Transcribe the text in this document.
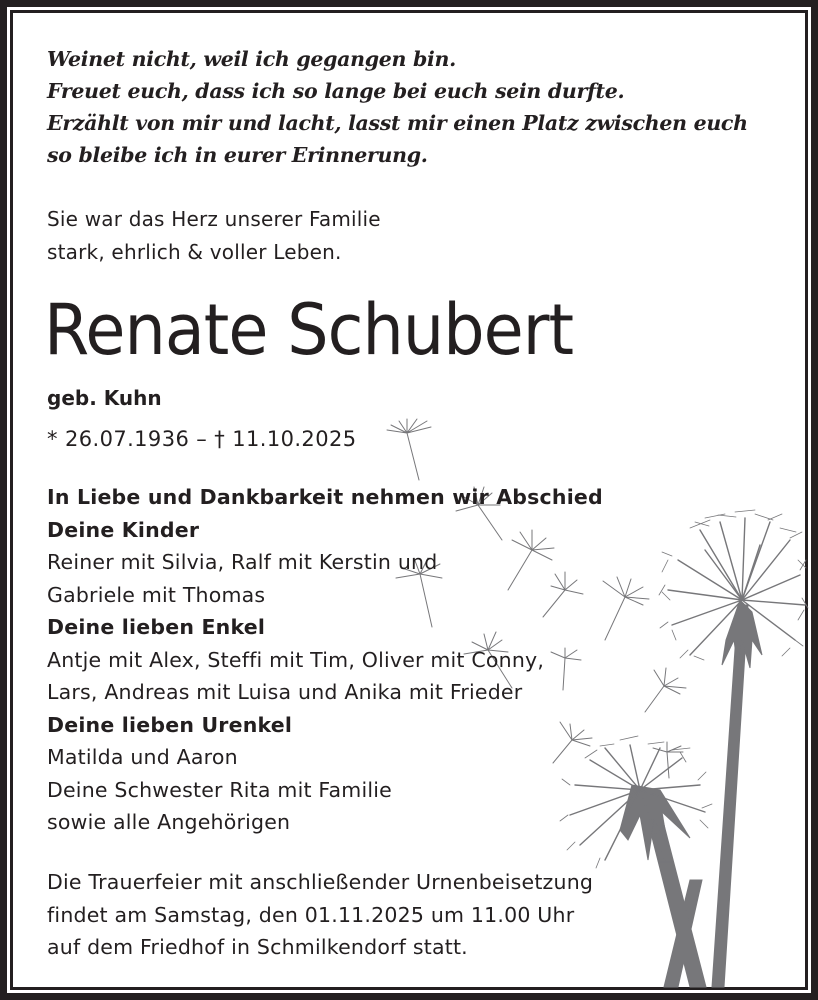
Weinet nicht, weil ich gegangen bin.
Freuet euch, dass ich so lange bei euch sein durfte.
Erzählt von mir und lacht, lasst mir einen Platz zwischen euch
so bleibe ich in eurer Erinnerung.
Sie war das Herz unserer Familie
stark, ehrlich & voller Leben.
Renate Schubert
geb. Kuhn
* 26.07.1936 – † 11.10.2025
In Liebe und Dankbarkeit nehmen wir Abschied
Deine Kinder
Reiner mit Silvia, Ralf mit Kerstin und
Gabriele mit Thomas
Deine lieben Enkel
Antje mit Alex, Steffi mit Tim, Oliver mit Conny,
Lars, Andreas mit Luisa und Anika mit Frieder
Deine lieben Urenkel
Matilda und Aaron
Deine Schwester Rita mit Familie
sowie alle Angehörigen
Die Trauerfeier mit anschließender Urnenbeisetzung
findet am Samstag, den 01.11.2025 um 11.00 Uhr
auf dem Friedhof in Schmilkendorf statt.
